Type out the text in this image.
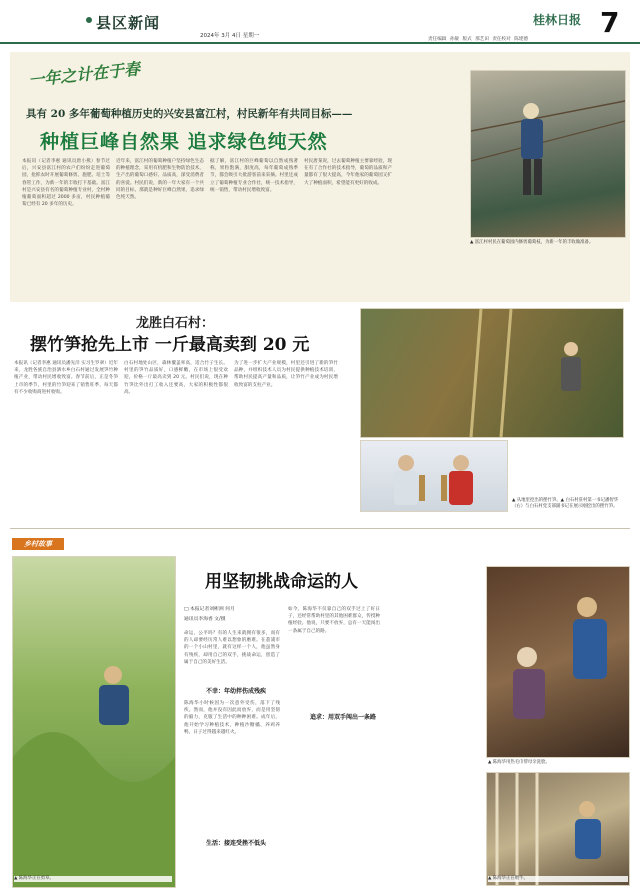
县区新闻
2024年 3月 4日 星期一
责任编辑 孙敏 版式 那艺田 责任校对 陈建德
桂林日报 7
一年之计在于春
具有 20 多年葡萄种植历史的兴安县富江村，村民新年有共同目标——
种植巨峰自然果 追求绿色纯天然
本报讯（记者李惠 通讯员唐小燕）春节过后，兴安县富江村的农户们纷纷走进葡萄园，抢抓农时开展葡萄修剪、施肥、培土等春管工作，为新一年的丰收打下基础。富江村是兴安县有名的葡萄种植专业村，全村种植葡萄面积超过 2000 多亩，村民种植葡萄已经有 20 多年的历史。
近年来，富江村的葡萄种植户坚持绿色生态的种植理念，采用有机肥和生物防治技术，生产出的葡萄口感好、品质高，深受消费者的喜爱。村民们说，新的一年大家有一个共同的目标，那就是种好巨峰自然果，追求绿色纯天然。
据了解，富江村的巨峰葡萄以自然成熟著称，果粒饱满，甜度高，每年葡萄成熟季节，都会吸引大批游客前来采摘。村里还成立了葡萄种植专业合作社，统一技术指导，统一销售，带动村民增收致富。
村民唐某说，过去葡萄种植主要靠经验，现在有了合作社的技术指导，葡萄的品质和产量都有了很大提高，今年他家的葡萄园又扩大了种植面积，希望能有更好的收成。
▲ 富江村村民在葡萄园内修剪葡萄枝，为新一年的丰收做准备。
龙胜白石村：
摆竹笋抢先上市 一斤最高卖到 20 元
本报讯（记者李惠 通讯员潘先洋 实习生罗翠）近年来，龙胜各族自治县泗水乡白石村通过发展笋竹种植产业，带动村民增收致富。春节前后，正是冬笋上市的季节，村里的竹笋迎来了销售旺季，每天都有不少收购商进村收购。
白石村地处山区，森林覆盖率高，适合竹子生长。村里的笋竹品质好，口感鲜嫩，在市场上很受欢迎，价格一斤最高卖到 20 元。村民们说，现在种竹笋比外出打工收入还要高，大家的积极性都很高。
为了进一步扩大产业规模，村里还引进了新的笋竹品种，并组织技术人员为村民提供种植技术培训，帮助村民提高产量和品质，让笋竹产业成为村民增收致富的支柱产业。
▲ 从地里挖出的摆竹笋。▲ 白石村驻村第一书记潘智华（右）与白石村党支部副书记在展示刚挖出的摆竹笋。
乡村故事
用坚韧挑战命运的人
▲ 陈海华正在剪草。
□ 本报记者刘彬洲 何月
通讯员李海香 文/摄
命运，公平吗？有的人生来就拥有很多，而有的人却要经历常人难以想象的磨难。在荔浦市的一个小山村里，就有这样一个人，他虽然身有残疾，却用自己的双手，挑战命运，创造了属于自己的美好生活。
不幸：年幼拌伤成残疾
陈海华小时候因为一次意外受伤，落下了残疾。然而，他并没有因此而放弃，而是用坚韧的毅力，克服了生活中的种种困难。成年后，他开始学习种植技术，种植沙糖橘、养鸡养鸭，日子过得越来越红火。
生活：接连受挫不低头
如今，陈海华不仅靠自己的双手过上了好日子，还经常帮助村里的其他困难群众，传授种植经验。他说，只要不放弃，总有一天能闯出一条属于自己的路。
追求：用双手闯出一条路
▲ 陈海华用热毛巾帮母亲洗脸。
▲ 陈海华正在喂牛。
